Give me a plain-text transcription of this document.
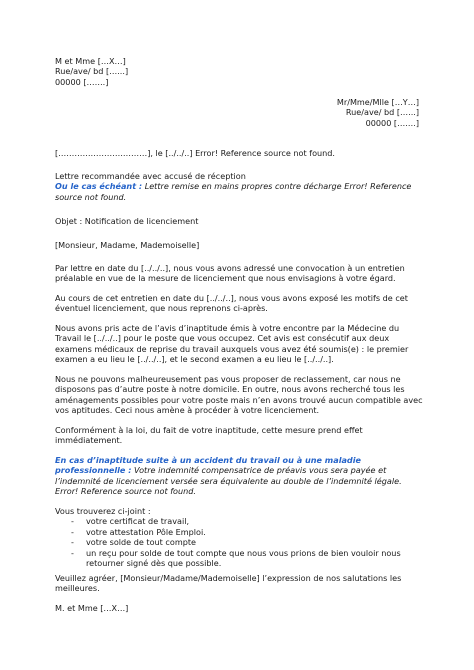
M et Mme […X…]
Rue/ave/ bd […...]
00000 […….]
Mr/Mme/Mlle […Y…]
Rue/ave/ bd […...]
00000 […….]
[……………………………], le [../../..] Error! Reference source not found.
Lettre recommandée avec accusé de réception
Ou le cas échéant : Lettre remise en mains propres contre décharge Error! Reference
source not found.
Objet : Notification de licenciement
[Monsieur, Madame, Mademoiselle]
Par lettre en date du [../../..], nous vous avons adressé une convocation à un entretien
préalable en vue de la mesure de licenciement que nous envisagions à votre égard.
Au cours de cet entretien en date du [../../..], nous vous avons exposé les motifs de cet
éventuel licenciement, que nous reprenons ci-après.
Nous avons pris acte de l’avis d’inaptitude émis à votre encontre par la Médecine du
Travail le [../../..] pour le poste que vous occupez. Cet avis est consécutif aux deux
examens médicaux de reprise du travail auxquels vous avez été soumis(e) : le premier
examen a eu lieu le [../../..], et le second examen a eu lieu le [../../..].
Nous ne pouvons malheureusement pas vous proposer de reclassement, car nous ne
disposons pas d’autre poste à notre domicile. En outre, nous avons recherché tous les
aménagements possibles pour votre poste mais n’en avons trouvé aucun compatible avec
vos aptitudes. Ceci nous amène à procéder à votre licenciement.
Conformément à la loi, du fait de votre inaptitude, cette mesure prend effet
immédiatement.
En cas d’inaptitude suite à un accident du travail ou à une maladie
professionnelle : Votre indemnité compensatrice de préavis vous sera payée et
l’indemnité de licenciement versée sera équivalente au double de l’indemnité légale.
Error! Reference source not found.
Vous trouverez ci-joint :
- votre certificat de travail,
- votre attestation Pôle Emploi.
- votre solde de tout compte
- un reçu pour solde de tout compte que nous vous prions de bien vouloir nous
retourner signé dès que possible.
Veuillez agréer, [Monsieur/Madame/Mademoiselle] l’expression de nos salutations les
meilleures.
M. et Mme […X…]
